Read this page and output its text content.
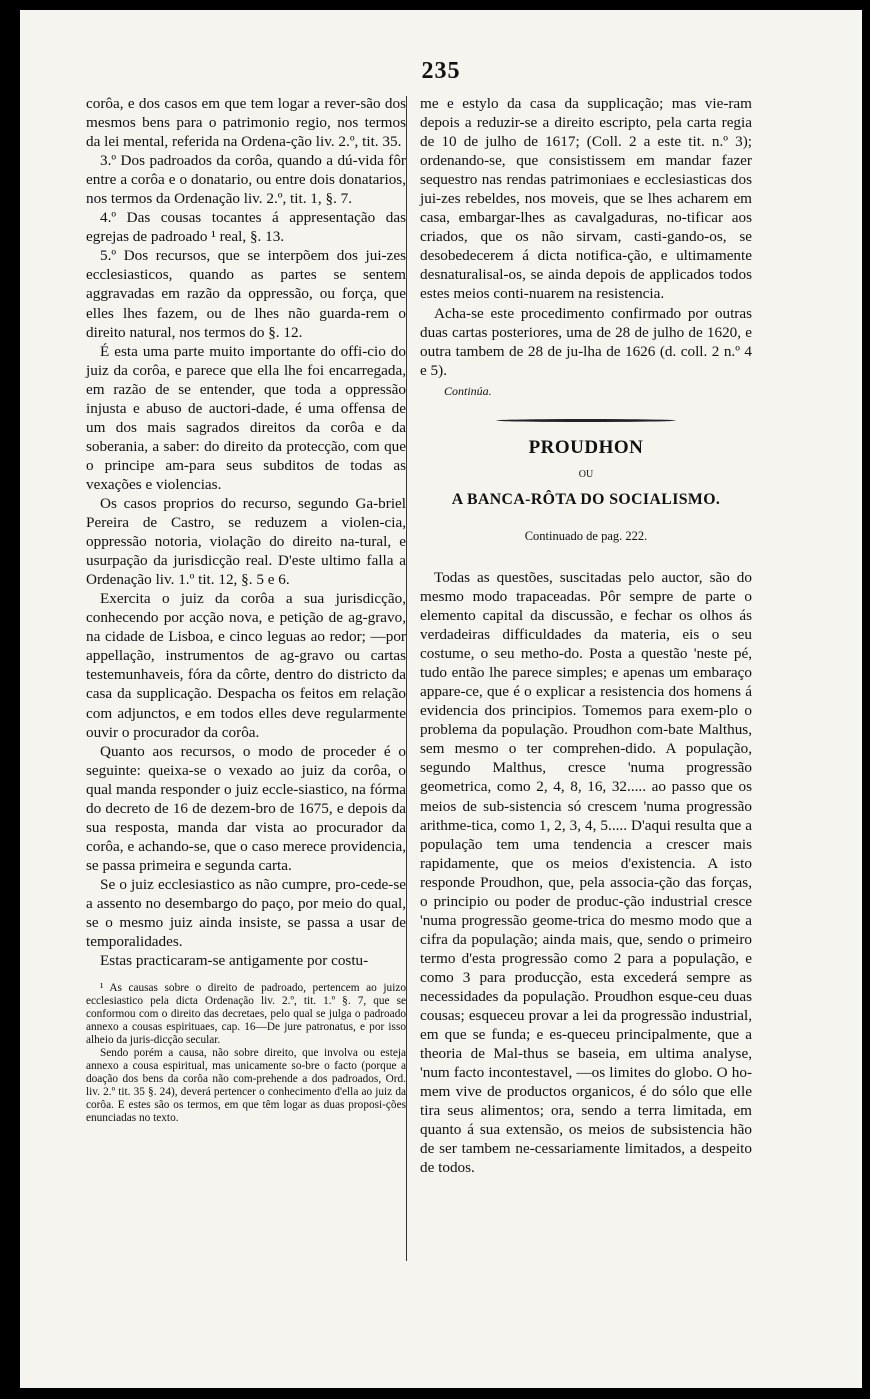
235

corôa, e dos casos em que tem logar a rever-são dos mesmos bens para o patrimonio regio, nos termos da lei mental, referida na Ordena-ção liv. 2.º, tit. 35.

3.º Dos padroados da corôa, quando a dú-vida fôr entre a corôa e o donatario, ou entre dois donatarios, nos termos da Ordenação liv. 2.º, tit. 1, §. 7.

4.º Das cousas tocantes á appresentação das egrejas de padroado ¹ real, §. 13.

5.º Dos recursos, que se interpõem dos jui-zes ecclesiasticos, quando as partes se sentem aggravadas em razão da oppressão, ou força, que elles lhes fazem, ou de lhes não guarda-rem o direito natural, nos termos do §. 12.

É esta uma parte muito importante do offi-cio do juiz da corôa, e parece que ella lhe foi encarregada, em razão de se entender, que toda a oppressão injusta e abuso de auctori-dade, é uma offensa de um dos mais sagrados direitos da corôa e da soberania, a saber: do direito da protecção, com que o principe am-para seus subditos de todas as vexações e violencias.

Os casos proprios do recurso, segundo Ga-briel Pereira de Castro, se reduzem a violen-cia, oppressão notoria, violação do direito na-tural, e usurpação da jurisdicção real. D'este ultimo falla a Ordenação liv. 1.º tit. 12, §. 5 e 6.

Exercita o juiz da corôa a sua jurisdicção, conhecendo por acção nova, e petição de ag-gravo, na cidade de Lisboa, e cinco leguas ao redor; —por appellação, instrumentos de ag-gravo ou cartas testemunhaveis, fóra da côrte, dentro do districto da casa da supplicação. Despacha os feitos em relação com adjunctos, e em todos elles deve regularmente ouvir o procurador da corôa.

Quanto aos recursos, o modo de proceder é o seguinte: queixa-se o vexado ao juiz da corôa, o qual manda responder o juiz eccle-siastico, na fórma do decreto de 16 de dezem-bro de 1675, e depois da sua resposta, manda dar vista ao procurador da corôa, e achando-se, que o caso merece providencia, se passa primeira e segunda carta.

Se o juiz ecclesiastico as não cumpre, pro-cede-se a assento no desembargo do paço, por meio do qual, se o mesmo juiz ainda insiste, se passa a usar de temporalidades.

Estas practicaram-se antigamente por costu-

¹ As causas sobre o direito de padroado, pertencem ao juizo ecclesiastico pela dicta Ordenação liv. 2.º, tit. 1.º §. 7, que se conformou com o direito das decretaes, pelo qual se julga o padroado annexo a cousas espirituaes, cap. 16—De jure patronatus, e por isso alheio da juris-dicção secular.

Sendo porém a causa, não sobre direito, que involva ou esteja annexo a cousa espiritual, mas unicamente so-bre o facto (porque a doação dos bens da corôa não com-prehende a dos padroados, Ord. liv. 2.º tit. 35 §. 24), deverá pertencer o conhecimento d'ella ao juiz da corôa. E estes são os termos, em que têm logar as duas proposi-ções enunciadas no texto.

me e estylo da casa da supplicação; mas vie-ram depois a reduzir-se a direito escripto, pela carta regia de 10 de julho de 1617; (Coll. 2 a este tit. n.º 3); ordenando-se, que consistissem em mandar fazer sequestro nas rendas patrimoniaes e ecclesiasticas dos jui-zes rebeldes, nos moveis, que se lhes acharem em casa, embargar-lhes as cavalgaduras, no-tificar aos criados, que os não sirvam, casti-gando-os, se desobedecerem á dicta notifica-ção, e ultimamente desnaturalisal-os, se ainda depois de applicados todos estes meios conti-nuarem na resistencia.

Acha-se este procedimento confirmado por outras duas cartas posteriores, uma de 28 de julho de 1620, e outra tambem de 28 de ju-lha de 1626 (d. coll. 2 n.º 4 e 5).

Continúa.

PROUDHON

OU

A BANCA-RÔTA DO SOCIALISMO.

Continuado de pag. 222.

Todas as questões, suscitadas pelo auctor, são do mesmo modo trapaceadas. Pôr sempre de parte o elemento capital da discussão, e fechar os olhos ás verdadeiras difficuldades da materia, eis o seu costume, o seu metho-do. Posta a questão 'neste pé, tudo então lhe parece simples; e apenas um embaraço appare-ce, que é o explicar a resistencia dos homens á evidencia dos principios. Tomemos para exem-plo o problema da população. Proudhon com-bate Malthus, sem mesmo o ter comprehen-dido. A população, segundo Malthus, cresce 'numa progressão geometrica, como 2, 4, 8, 16, 32..... ao passo que os meios de sub-sistencia só crescem 'numa progressão arithme-tica, como 1, 2, 3, 4, 5..... D'aqui resulta que a população tem uma tendencia a crescer mais rapidamente, que os meios d'existencia. A isto responde Proudhon, que, pela associa-ção das forças, o principio ou poder de produc-ção industrial cresce 'numa progressão geome-trica do mesmo modo que a cifra da população; ainda mais, que, sendo o primeiro termo d'esta progressão como 2 para a população, e como 3 para producção, esta excederá sempre as necessidades da população. Proudhon esque-ceu duas cousas; esqueceu provar a lei da progressão industrial, em que se funda; e es-queceu principalmente, que a theoria de Mal-thus se baseia, em ultima analyse, 'num facto incontestavel, —os limites do globo. O ho-mem vive de productos organicos, é do sólo que elle tira seus alimentos; ora, sendo a terra limitada, em quanto á sua extensão, os meios de subsistencia hão de ser tambem ne-cessariamente limitados, a despeito de todos.
